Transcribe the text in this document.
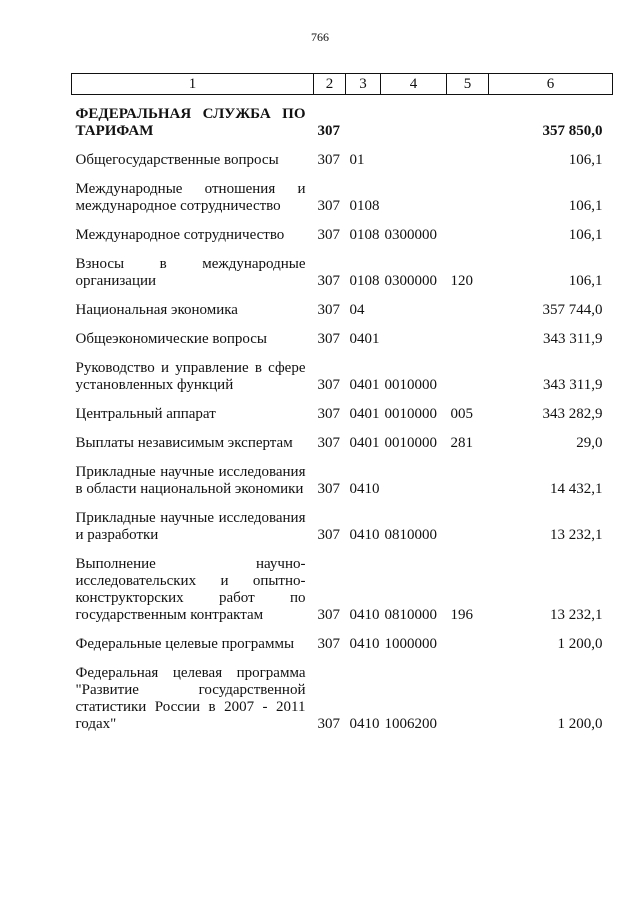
766
1	2	3	4	5	6

ФЕДЕРАЛЬНАЯ СЛУЖБА ПО ТАРИФАМ	307				357 850,0
Общегосударственные вопросы	307	01			106,1
Международные отношения и международное сотрудничество	307	0108			106,1
Международное сотрудничество	307	0108	0300000		106,1
Взносы в международные организации	307	0108	0300000	120	106,1
Национальная экономика	307	04			357 744,0
Общеэкономические вопросы	307	0401			343 311,9
Руководство и управление в сфере установленных функций	307	0401	0010000		343 311,9
Центральный аппарат	307	0401	0010000	005	343 282,9
Выплаты независимым экспертам	307	0401	0010000	281	29,0
Прикладные научные исследования в области национальной экономики	307	0410			14 432,1
Прикладные научные исследования и разработки	307	0410	0810000		13 232,1
Выполнение научно-исследовательских и опытно-конструкторских работ по государственным контрактам	307	0410	0810000	196	13 232,1
Федеральные целевые программы	307	0410	1000000		1 200,0
Федеральная целевая программа "Развитие государственной статистики России в 2007 - 2011 годах"	307	0410	1006200		1 200,0
